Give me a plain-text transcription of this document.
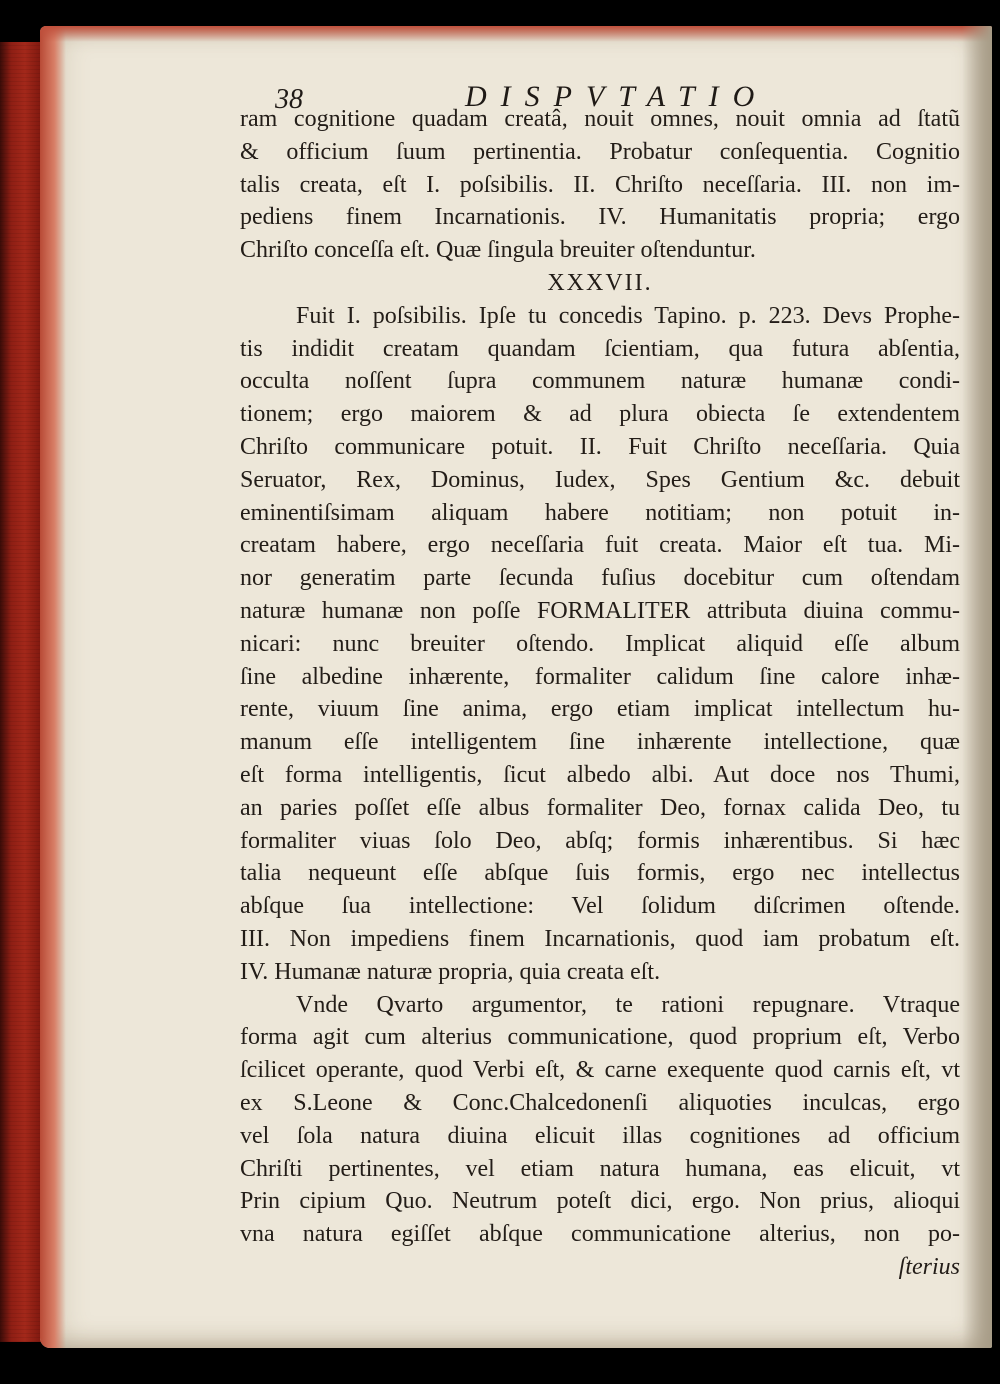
38	DISPVTATIO
ram cognitione quadam creatâ, nouit omnes, nouit omnia ad ſtatũ
& officium ſuum pertinentia. Probatur conſequentia. Cognitio
talis creata, eſt I. poſsibilis. II. Chriſto neceſſaria. III. non im-
pediens finem Incarnationis. IV. Humanitatis propria; ergo
Chriſto conceſſa eſt. Quæ ſingula breuiter oſtenduntur.
XXXVII.
Fuit I. poſsibilis. Ipſe tu concedis Tapino. p. 223. Devs Prophe-
tis indidit creatam quandam ſcientiam, qua futura abſentia,
occulta noſſent ſupra communem naturæ humanæ condi-
tionem; ergo maiorem & ad plura obiecta ſe extendentem
Chriſto communicare potuit. II. Fuit Chriſto neceſſaria. Quia
Seruator, Rex, Dominus, Iudex, Spes Gentium &c. debuit
eminentiſsimam aliquam habere notitiam; non potuit in-
creatam habere, ergo neceſſaria fuit creata. Maior eſt tua. Mi-
nor generatim parte ſecunda fuſius docebitur cum oſtendam
naturæ humanæ non poſſe FORMALITER attributa diuina commu-
nicari: nunc breuiter oſtendo. Implicat aliquid eſſe album
ſine albedine inhærente, formaliter calidum ſine calore inhæ-
rente, viuum ſine anima, ergo etiam implicat intellectum hu-
manum eſſe intelligentem ſine inhærente intellectione, quæ
eſt forma intelligentis, ſicut albedo albi. Aut doce nos Thumi,
an paries poſſet eſſe albus formaliter Deo, fornax calida Deo, tu
formaliter viuas ſolo Deo, abſq; formis inhærentibus. Si hæc
talia nequeunt eſſe abſque ſuis formis, ergo nec intellectus
abſque ſua intellectione: Vel ſolidum diſcrimen oſtende.
III. Non impediens finem Incarnationis, quod iam probatum eſt.
IV. Humanæ naturæ propria, quia creata eſt.
Vnde Qvarto argumentor, te rationi repugnare. Vtraque
forma agit cum alterius communicatione, quod proprium eſt, Verbo
ſcilicet operante, quod Verbi eſt, & carne exequente quod carnis eſt, vt
ex S.Leone & Conc.Chalcedonenſi aliquoties inculcas, ergo
vel ſola natura diuina elicuit illas cognitiones ad officium
Chriſti pertinentes, vel etiam natura humana, eas elicuit, vt
Prin cipium Quo. Neutrum poteſt dici, ergo. Non prius, alioqui
vna natura egiſſet abſque communicatione alterius, non po-
ſterius
